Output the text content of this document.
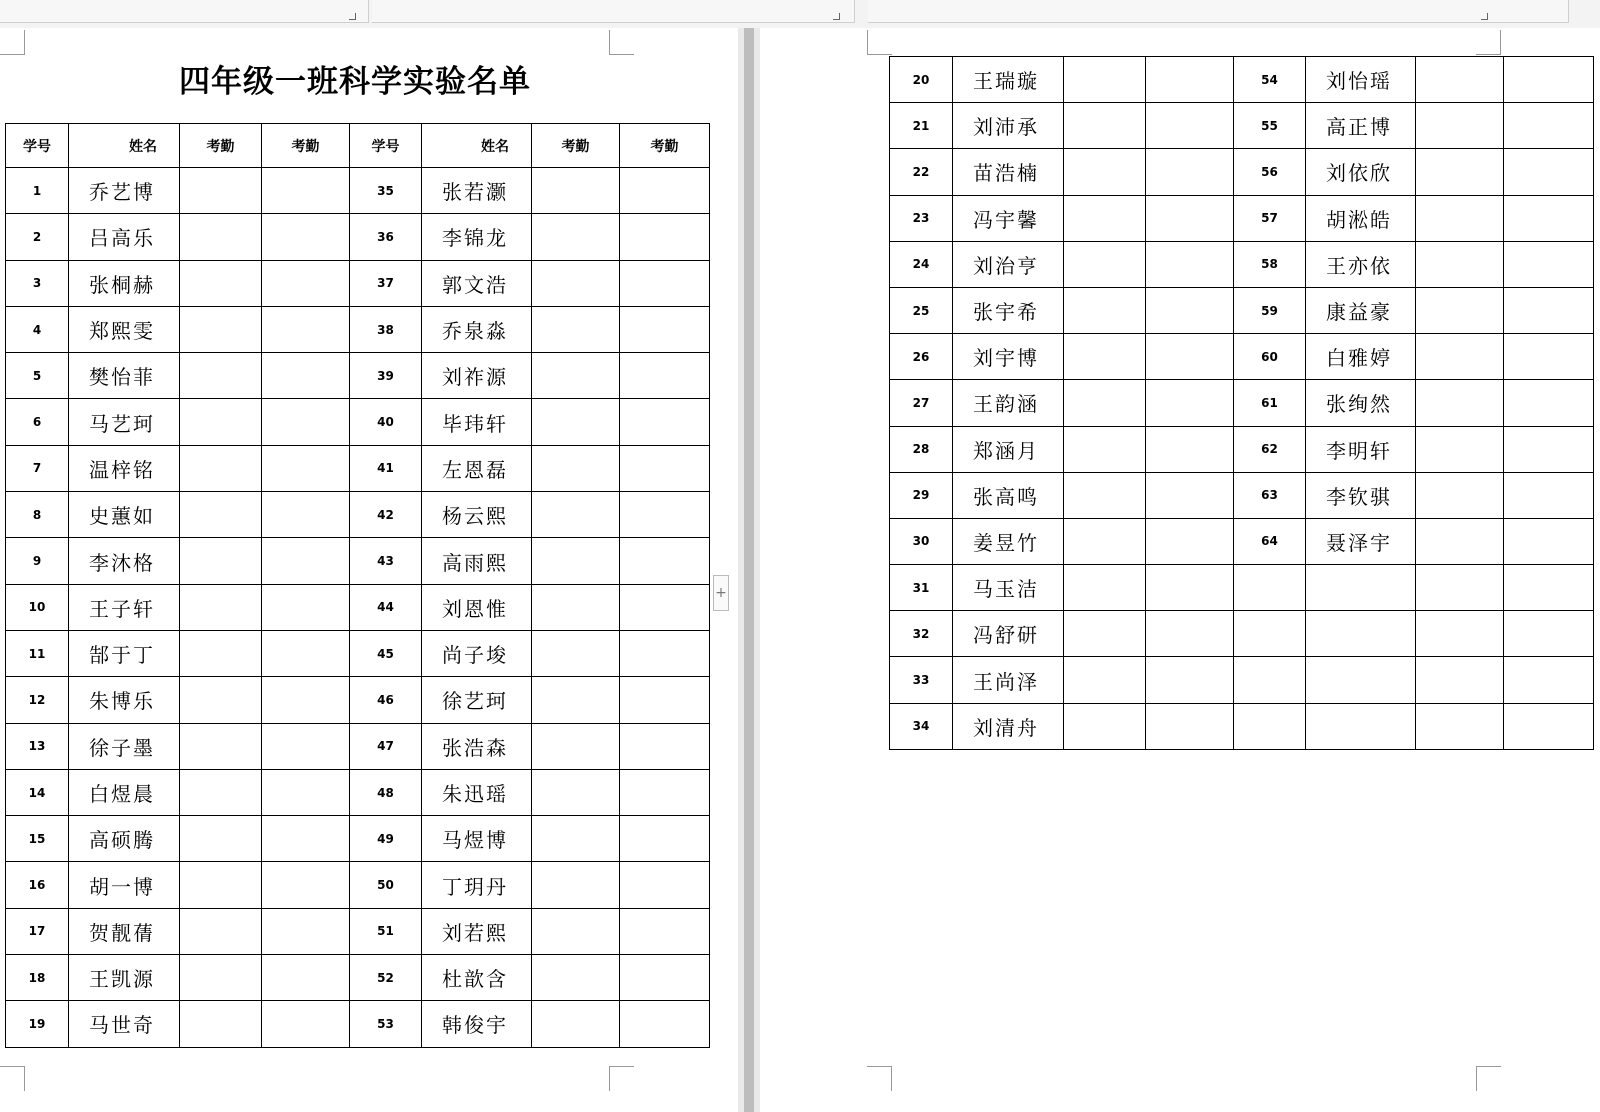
四年级一班科学实验名单
学号	姓名	考勤	考勤	学号	姓名	考勤	考勤
1	乔艺博			35	张若灏		
2	吕高乐			36	李锦龙		
3	张桐赫			37	郭文浩		
4	郑熙雯			38	乔泉淼		
5	樊怡菲			39	刘祚源		
6	马艺珂			40	毕玮轩		
7	温梓铭			41	左恩磊		
8	史蕙如			42	杨云熙		
9	李沐格			43	高雨熙		
10	王子轩			44	刘恩惟		
11	郜于丁			45	尚子埈		
12	朱博乐			46	徐艺珂		
13	徐子墨			47	张浩森		
14	白煜晨			48	朱迅瑶		
15	高硕腾			49	马煜博		
16	胡一博			50	丁玥丹		
17	贺靓蒨			51	刘若熙		
18	王凯源			52	杜歆含		
19	马世奇			53	韩俊宇		
+
20	王瑞璇			54	刘怡瑶		
21	刘沛承			55	高正博		
22	苗浩楠			56	刘依欣		
23	冯宇馨			57	胡淞皓		
24	刘治亨			58	王亦依		
25	张宇希			59	康益豪		
26	刘宇博			60	白雅婷		
27	王韵涵			61	张绚然		
28	郑涵月			62	李明轩		
29	张高鸣			63	李钦骐		
30	姜昱竹			64	聂泽宇		
31	马玉洁						
32	冯舒研						
33	王尚泽						
34	刘清舟						
